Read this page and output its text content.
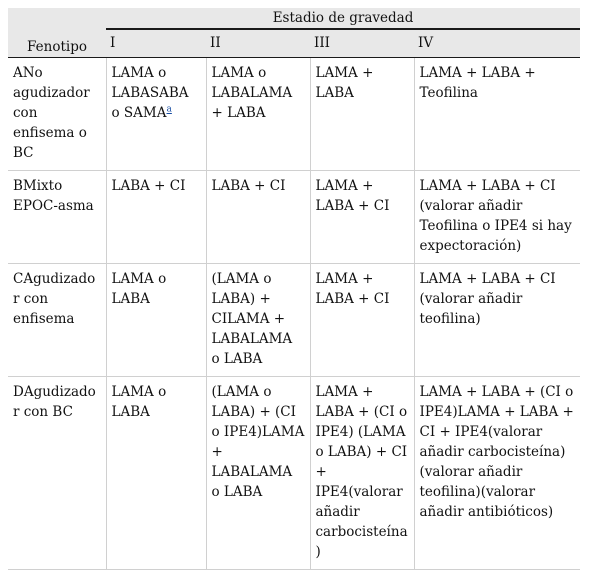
Fenotipo	Estadio de gravedad			
	I	II	III	IV
ANo agudizador con enfisema o BC	LAMA o LABASABA o SAMA$^a$	LAMA o LABALAMA + LABA	LAMA + LABA	LAMA + LABA + Teofilina
BMixto EPOC-asma	LABA + CI	LABA + CI	LAMA + LABA + CI	LAMA + LABA + CI (valorar añadir Teofilina o IPE4 si hay expectoración)
CAgudizador con enfisema	LAMA o LABA	(LAMA o LABA) + CILAMA + LABALAMA o LABA	LAMA + LABA + CI	LAMA + LABA + CI (valorar añadir teofilina)
DAgudizador con BC	LAMA o LABA	(LAMA o LABA) + (CI o IPE4)LAMA + LABALAMA o LABA	LAMA + LABA + (CI o IPE4) (LAMA o LABA) + CI + IPE4(valorar añadir carbocisteína)	LAMA + LABA + (CI o IPE4)LAMA + LABA + CI + IPE4(valorar añadir carbocisteína) (valorar añadir teofilina)(valorar añadir antibióticos)
